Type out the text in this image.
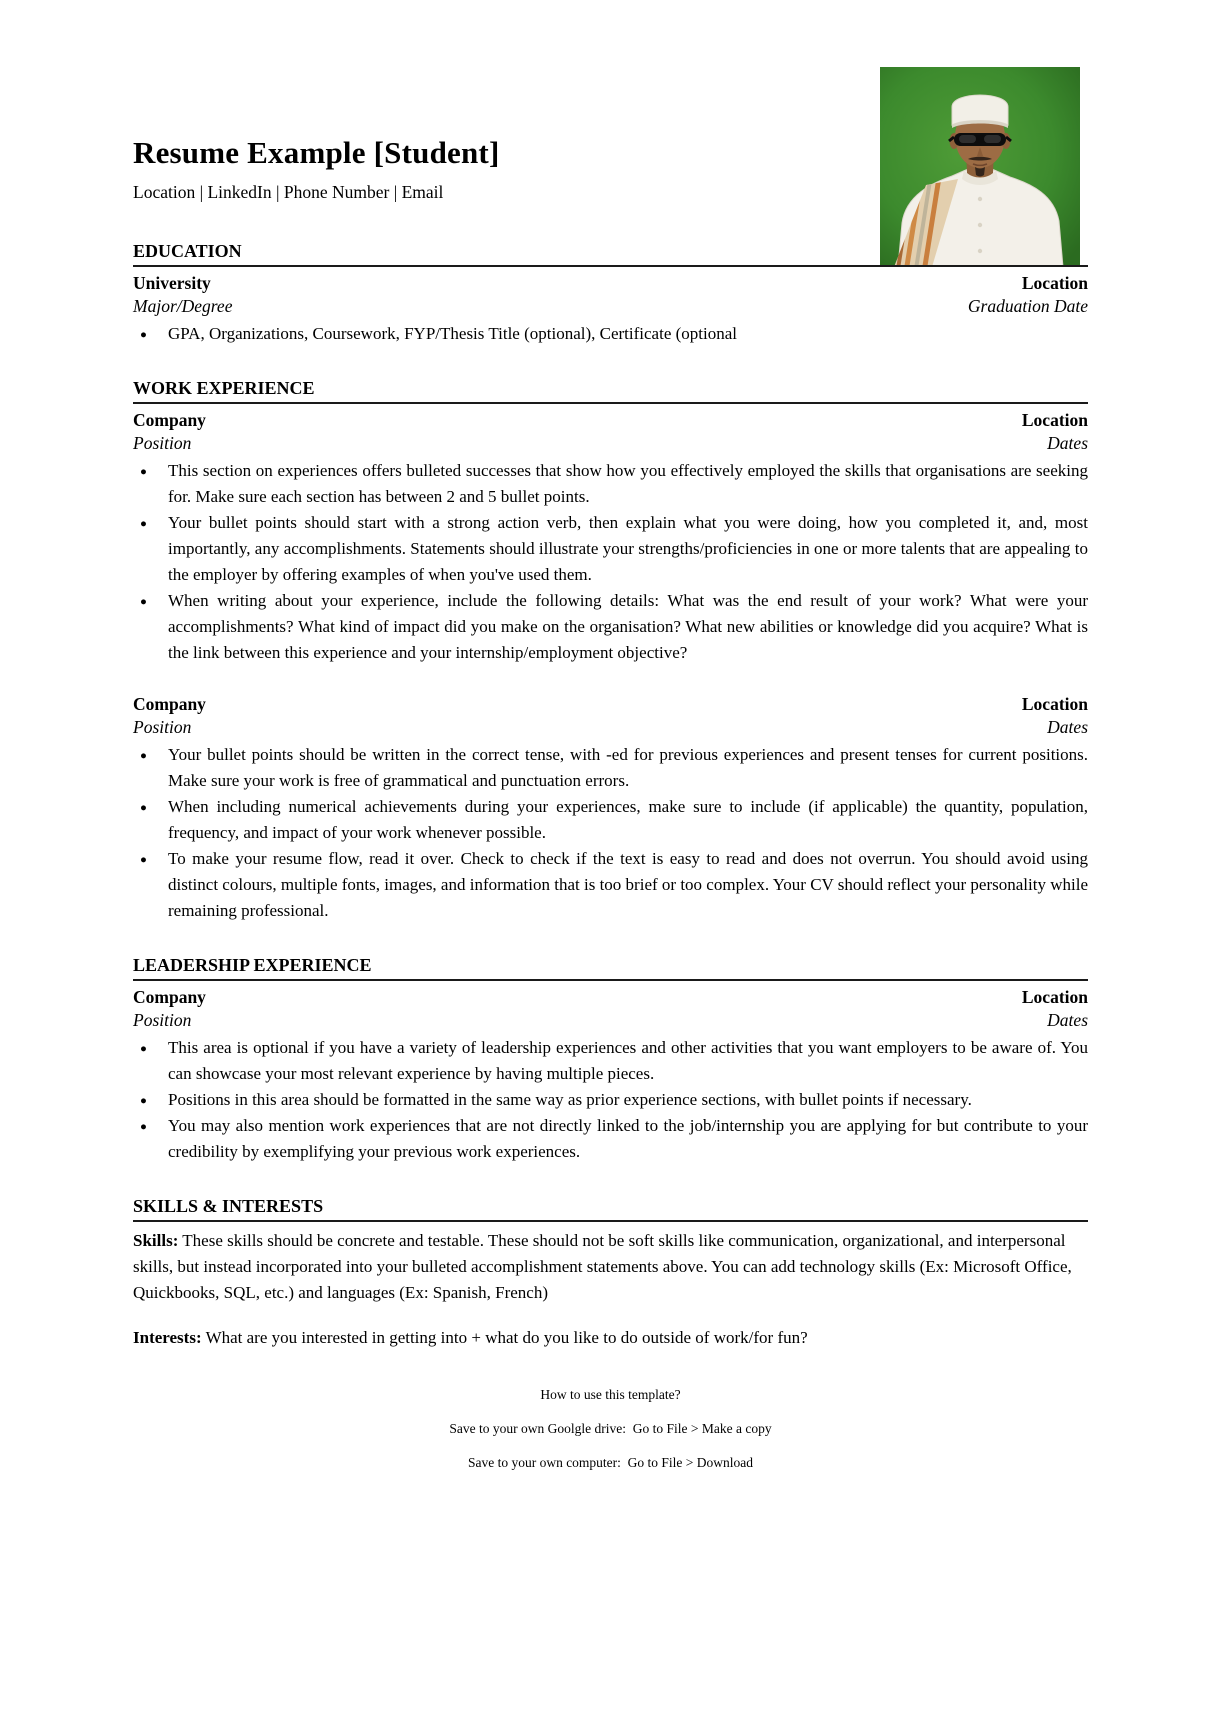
Resume Example [Student]
Location | LinkedIn | Phone Number | Email
EDUCATION
University	Location
Major/Degree	Graduation Date
● GPA, Organizations, Coursework, FYP/Thesis Title (optional), Certificate (optional
WORK EXPERIENCE
Company	Location
Position	Dates
● This section on experiences offers bulleted successes that show how you effectively employed the skills that organisations are seeking for. Make sure each section has between 2 and 5 bullet points.
● Your bullet points should start with a strong action verb, then explain what you were doing, how you completed it, and, most importantly, any accomplishments. Statements should illustrate your strengths/proficiencies in one or more talents that are appealing to the employer by offering examples of when you've used them.
● When writing about your experience, include the following details: What was the end result of your work? What were your accomplishments? What kind of impact did you make on the organisation? What new abilities or knowledge did you acquire? What is the link between this experience and your internship/employment objective?
Company	Location
Position	Dates
● Your bullet points should be written in the correct tense, with -ed for previous experiences and present tenses for current positions. Make sure your work is free of grammatical and punctuation errors.
● When including numerical achievements during your experiences, make sure to include (if applicable) the quantity, population, frequency, and impact of your work whenever possible.
● To make your resume flow, read it over. Check to check if the text is easy to read and does not overrun. You should avoid using distinct colours, multiple fonts, images, and information that is too brief or too complex. Your CV should reflect your personality while remaining professional.
LEADERSHIP EXPERIENCE
Company	Location
Position	Dates
● This area is optional if you have a variety of leadership experiences and other activities that you want employers to be aware of. You can showcase your most relevant experience by having multiple pieces.
● Positions in this area should be formatted in the same way as prior experience sections, with bullet points if necessary.
● You may also mention work experiences that are not directly linked to the job/internship you are applying for but contribute to your credibility by exemplifying your previous work experiences.
SKILLS & INTERESTS

Skills: These skills should be concrete and testable. These should not be soft skills like communication, organizational, and interpersonal skills, but instead incorporated into your bulleted accomplishment statements above. You can add technology skills (Ex: Microsoft Office, Quickbooks, SQL, etc.) and languages (Ex: Spanish, French)

Interests: What are you interested in getting into + what do you like to do outside of work/for fun?

How to use this template?

Save to your own Goolgle drive:  Go to File > Make a copy

Save to your own computer:  Go to File > Download
